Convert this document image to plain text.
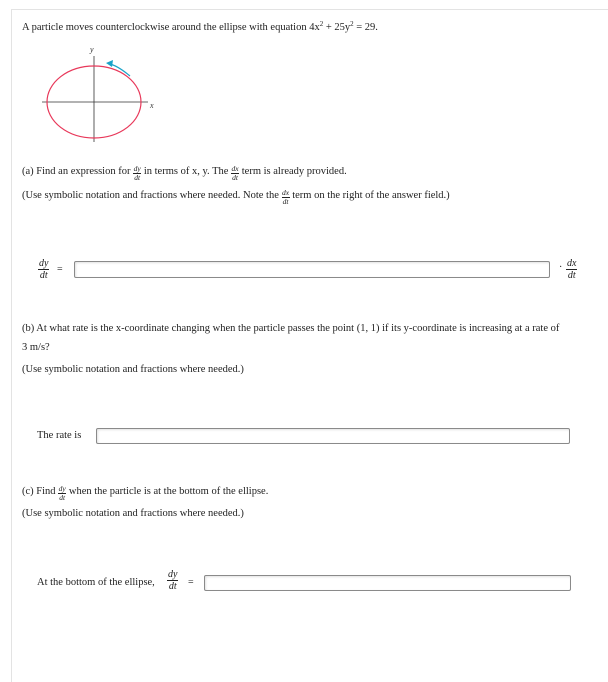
A particle moves counterclockwise around the ellipse with equation $4x^2 + 25y^2 = 29$.
y
x
(a) Find an expression for $\frac{dy}{dt}$ in terms of x, y. The $\frac{dx}{dt}$ term is already provided.
(Use symbolic notation and fractions where needed. Note the $\frac{dx}{dt}$ term on the right of the answer field.)
$\frac{dy}{dt}$ =	· $\frac{dx}{dt}$
(b) At what rate is the x-coordinate changing when the particle passes the point (1, 1) if its y-coordinate is increasing at a rate of
3 m/s?
(Use symbolic notation and fractions where needed.)
The rate is
(c) Find $\frac{dy}{dt}$ when the particle is at the bottom of the ellipse.
(Use symbolic notation and fractions where needed.)
At the bottom of the ellipse, $\frac{dy}{dt}$ =
